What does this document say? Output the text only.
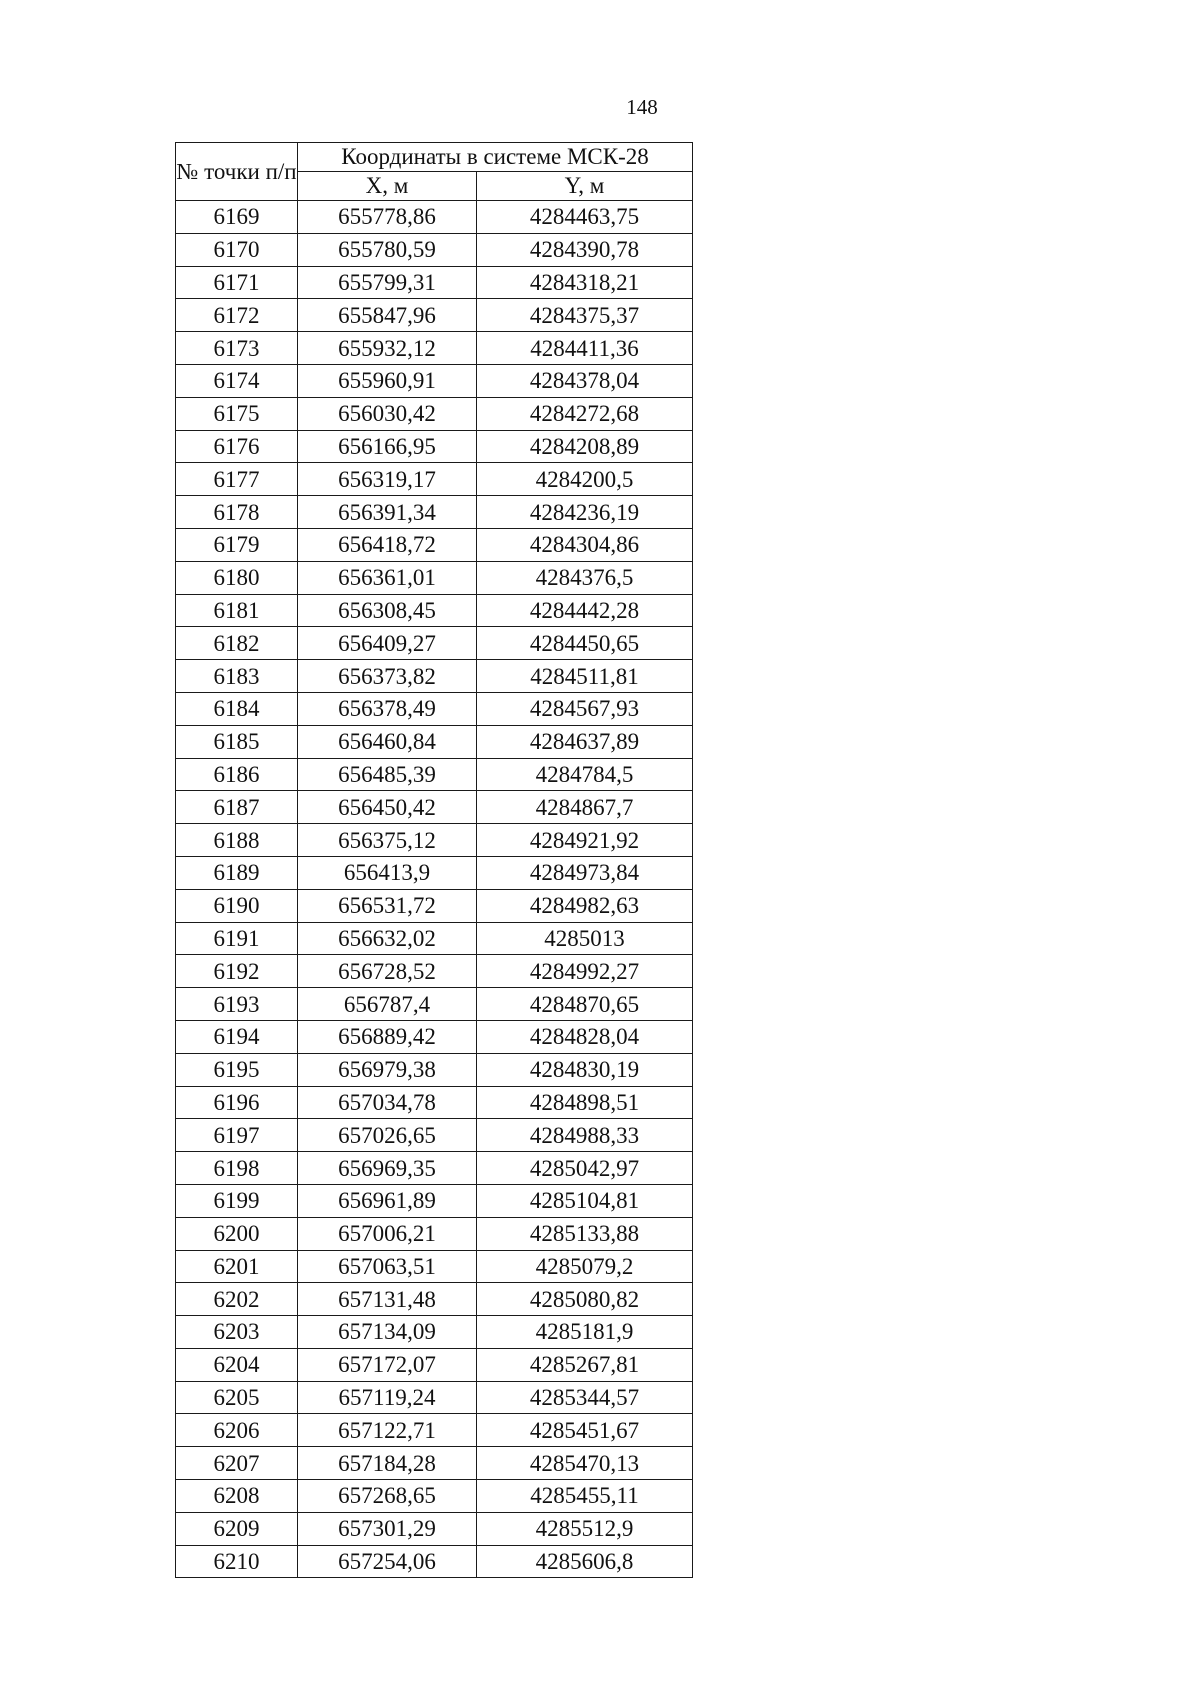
148
№ точки п/п	Координаты в системе МСК-28	
	X, м	Y, м
6169	655778,86	4284463,75
6170	655780,59	4284390,78
6171	655799,31	4284318,21
6172	655847,96	4284375,37
6173	655932,12	4284411,36
6174	655960,91	4284378,04
6175	656030,42	4284272,68
6176	656166,95	4284208,89
6177	656319,17	4284200,5
6178	656391,34	4284236,19
6179	656418,72	4284304,86
6180	656361,01	4284376,5
6181	656308,45	4284442,28
6182	656409,27	4284450,65
6183	656373,82	4284511,81
6184	656378,49	4284567,93
6185	656460,84	4284637,89
6186	656485,39	4284784,5
6187	656450,42	4284867,7
6188	656375,12	4284921,92
6189	656413,9	4284973,84
6190	656531,72	4284982,63
6191	656632,02	4285013
6192	656728,52	4284992,27
6193	656787,4	4284870,65
6194	656889,42	4284828,04
6195	656979,38	4284830,19
6196	657034,78	4284898,51
6197	657026,65	4284988,33
6198	656969,35	4285042,97
6199	656961,89	4285104,81
6200	657006,21	4285133,88
6201	657063,51	4285079,2
6202	657131,48	4285080,82
6203	657134,09	4285181,9
6204	657172,07	4285267,81
6205	657119,24	4285344,57
6206	657122,71	4285451,67
6207	657184,28	4285470,13
6208	657268,65	4285455,11
6209	657301,29	4285512,9
6210	657254,06	4285606,8
